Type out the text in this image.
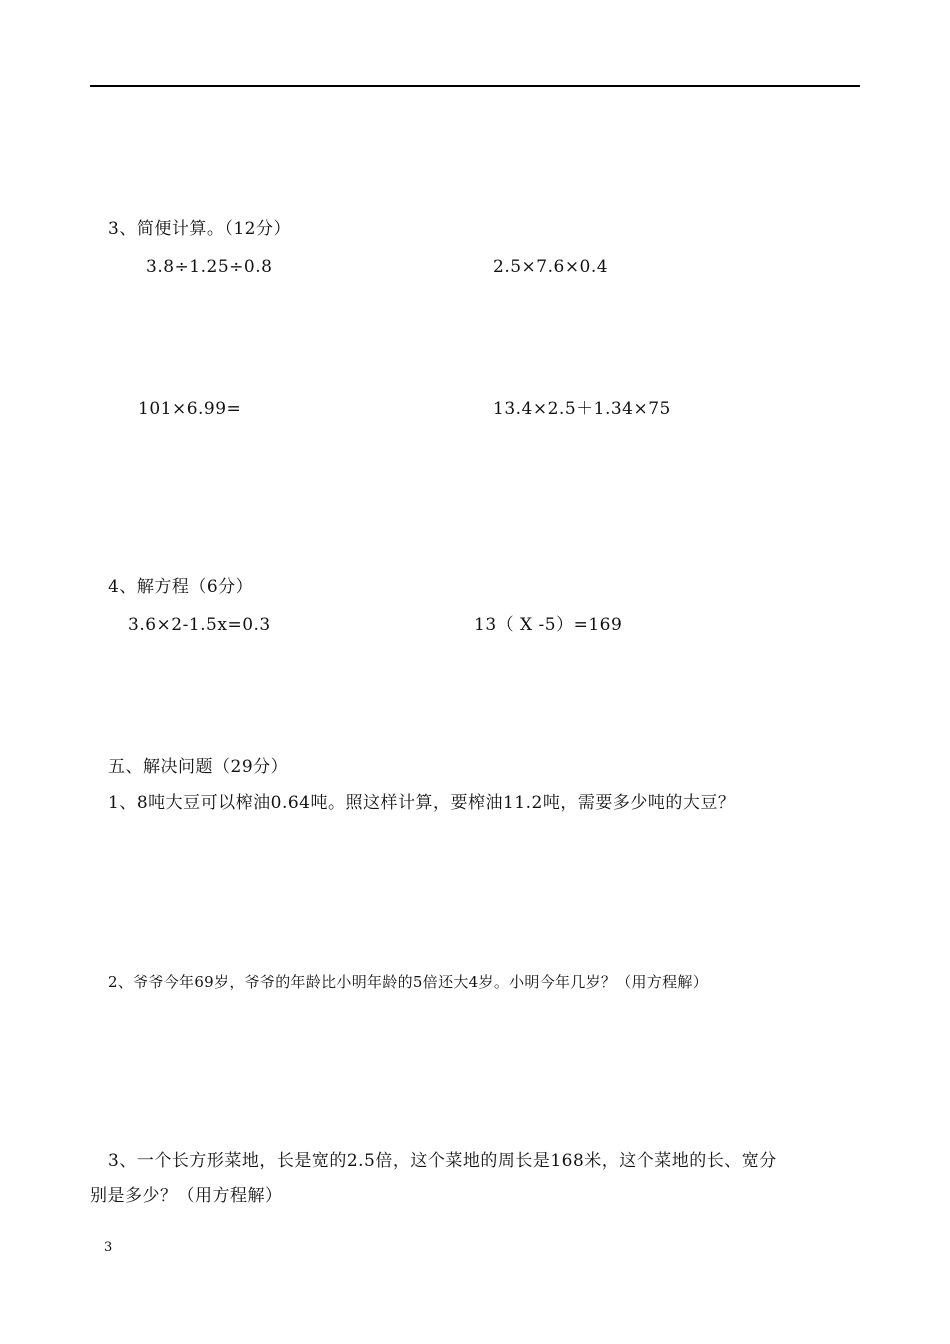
3、简便计算。（12分）
3.8÷1.25÷0.8	2.5×7.6×0.4
101×6.99=	13.4×2.5＋1.34×75
4、解方程（6分）
3.6×2-1.5x=0.3	13（ X -5）=169
五、解决问题（29分）
1、8吨大豆可以榨油0.64吨。照这样计算，要榨油11.2吨，需要多少吨的大豆？
2、爷爷今年69岁，爷爷的年龄比小明年龄的5倍还大4岁。小明今年几岁？（用方程解）
3、一个长方形菜地，长是宽的2.5倍，这个菜地的周长是168米，这个菜地的长、宽分
别是多少？（用方程解）
3
